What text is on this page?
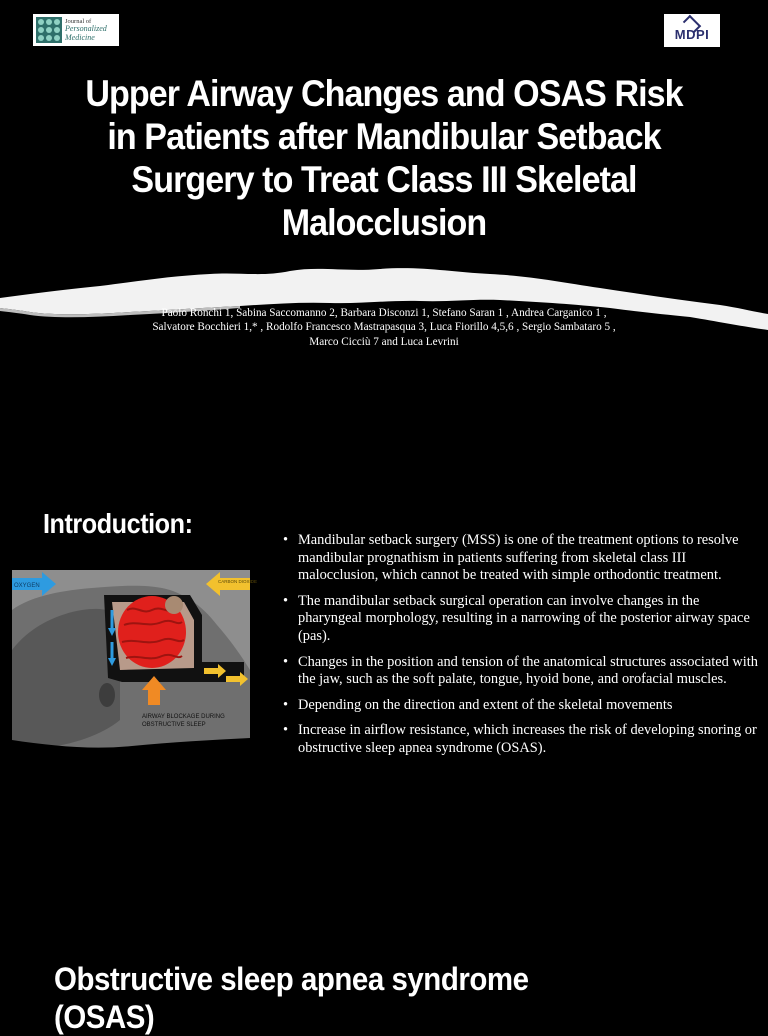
Journal of
Personalized
Medicine	MDPI
Upper Airway Changes and OSAS Risk in Patients after Mandibular Setback Surgery to Treat Class III Skeletal Malocclusion
Paolo Ronchi 1, Sabina Saccomanno 2, Barbara Disconzi 1, Stefano Saran 1 , Andrea Carganico 1 , Salvatore Bocchieri 1,* , Rodolfo Francesco Mastrapasqua 3, Luca Fiorillo 4,5,6 , Sergio Sambataro 5 , Marco Cicciù 7 and Luca Levrini
Introduction:
OXYGEN
CARBON DIOXIDE
AIRWAY BLOCKAGE DURING
OBSTRUCTIVE SLEEP
• Mandibular setback surgery (MSS) is one of the treatment options to resolve mandibular prognathism in patients suffering from skeletal class III malocclusion, which cannot be treated with simple orthodontic treatment.
• The mandibular setback surgical operation can involve changes in the pharyngeal morphology, resulting in a narrowing of the posterior airway space (pas).
• Changes in the position and tension of the anatomical structures associated with the jaw, such as the soft palate, tongue, hyoid bone, and orofacial muscles.
• Depending on the direction and extent of the skeletal movements
• Increase in airflow resistance, which increases the risk of developing snoring or obstructive sleep apnea syndrome (OSAS).
Obstructive sleep apnea syndrome (OSAS)
